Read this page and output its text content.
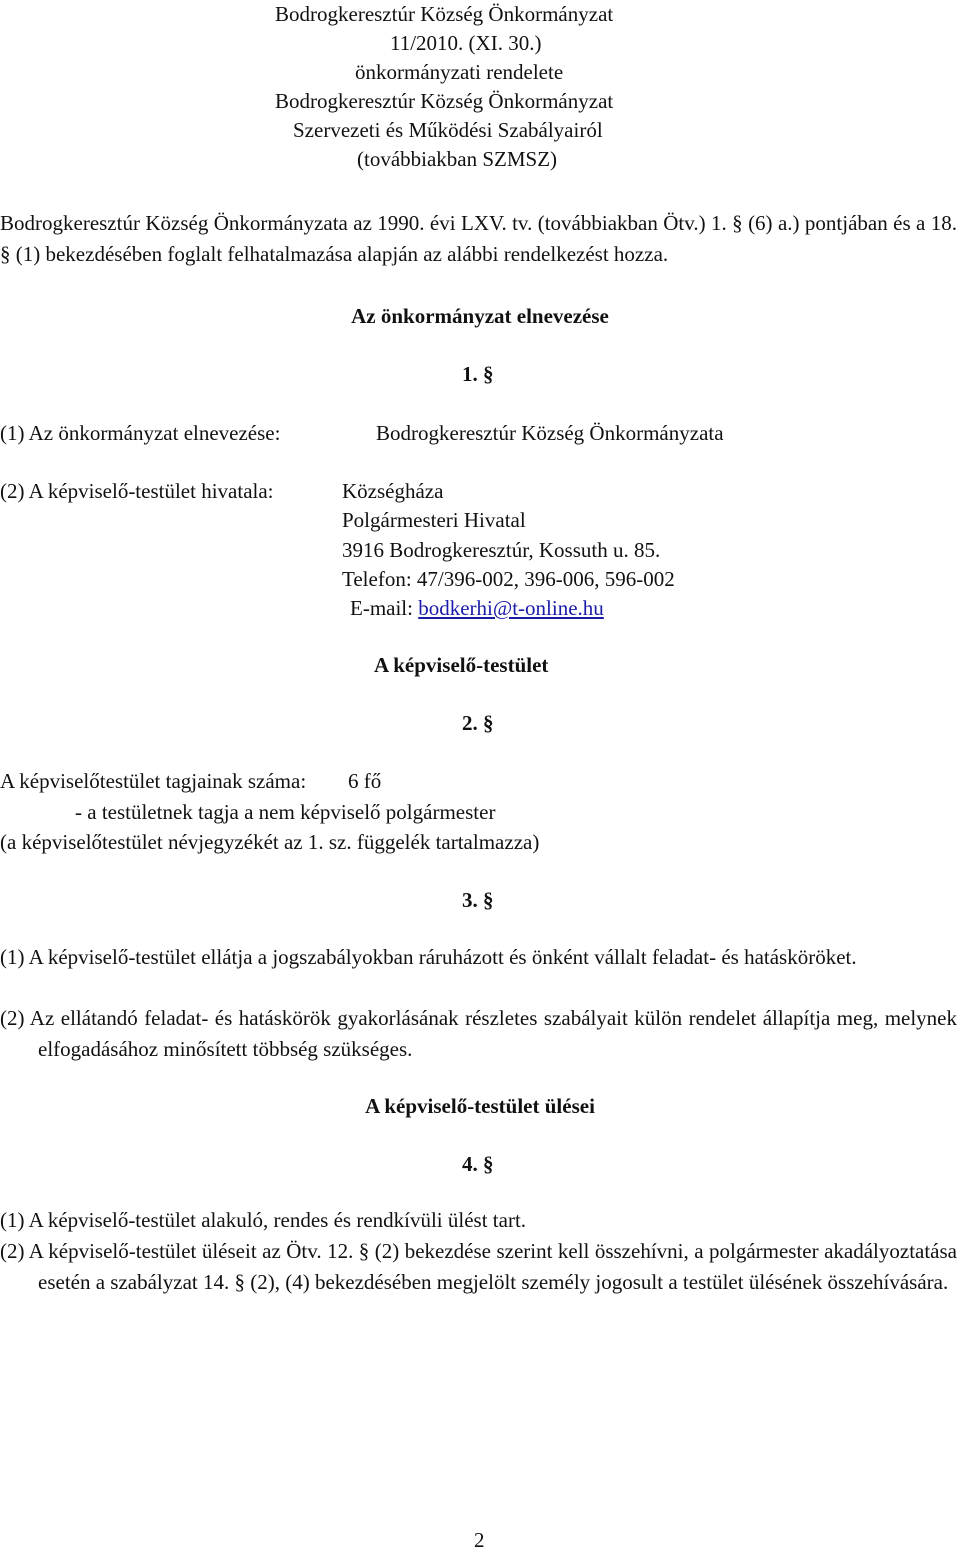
Bodrogkeresztúr Község Önkormányzat
11/2010. (XI. 30.)
önkormányzati rendelete
Bodrogkeresztúr Község Önkormányzat
Szervezeti és Működési Szabályairól
(továbbiakban SZMSZ)
Bodrogkeresztúr Község Önkormányzata az 1990. évi LXV. tv. (továbbiakban Ötv.) 1. § (6) a.) pontjában és a 18. § (1) bekezdésében foglalt felhatalmazása alapján az alábbi rendelkezést hozza.
Az önkormányzat elnevezése
1. §
(1) Az önkormányzat elnevezése:	Bodrogkeresztúr Község Önkormányzata
(2) A képviselő-testület hivatala:	Községháza
Polgármesteri Hivatal
3916 Bodrogkeresztúr, Kossuth u. 85.
Telefon: 47/396-002, 396-006, 596-002
E-mail: bodkerhi@t-online.hu
A képviselő-testület
2. §
A képviselőtestület tagjainak száma: 6 fő
- a testületnek tagja a nem képviselő polgármester
(a képviselőtestület névjegyzékét az 1. sz. függelék tartalmazza)
3. §
(1) A képviselő-testület ellátja a jogszabályokban ráruházott és önként vállalt feladat- és hatásköröket.
(2) Az ellátandó feladat- és hatáskörök gyakorlásának részletes szabályait külön rendelet állapítja meg, melynek elfogadásához minősített többség szükséges.
A képviselő-testület ülései
4. §
(1) A képviselő-testület alakuló, rendes és rendkívüli ülést tart.
(2) A képviselő-testület üléseit az Ötv. 12. § (2) bekezdése szerint kell összehívni, a polgármester akadályoztatása esetén a szabályzat 14. § (2), (4) bekezdésében megjelölt személy jogosult a testület ülésének összehívására.
2
